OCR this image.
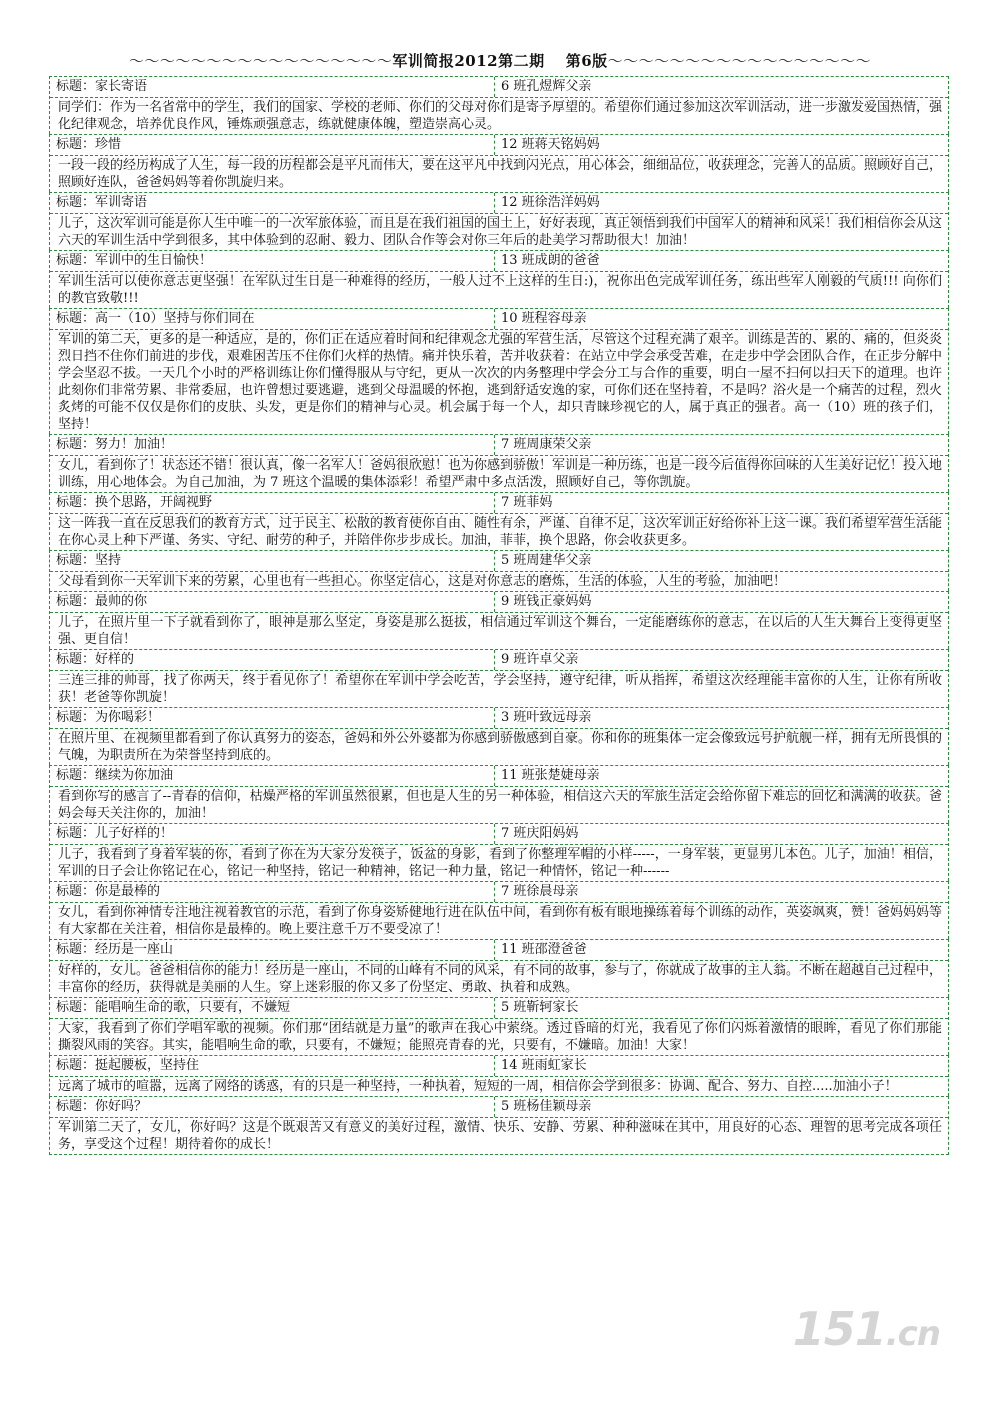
～～～～～～～～～～～～～～～～～军训简报2012第二期 第6版～～～～～～～～～～～～～～～～～
标题：家长寄语	6 班孔煜辉父亲
同学们：作为一名省常中的学生，我们的国家、学校的老师、你们的父母对你们是寄予厚望的。希望你们通过参加这次军训活动，进一步激发爱国热情，强化纪律观念，培养优良作风，锤炼顽强意志，练就健康体魄，塑造崇高心灵。
标题：珍惜	12 班蒋天铭妈妈
一段一段的经历构成了人生，每一段的历程都会是平凡而伟大，要在这平凡中找到闪光点，用心体会，细细品位，收获理念，完善人的品质。照顾好自己，照顾好连队，爸爸妈妈等着你凯旋归来。
标题：军训寄语	12 班徐浩洋妈妈
儿子，这次军训可能是你人生中唯一的一次军旅体验，而且是在我们祖国的国土上，好好表现，真正领悟到我们中国军人的精神和风采！我们相信你会从这六天的军训生活中学到很多，其中体验到的忍耐、毅力、团队合作等会对你三年后的赴美学习帮助很大！加油！
标题：军训中的生日愉快！	13 班成朗的爸爸
军训生活可以使你意志更坚强！在军队过生日是一种难得的经历，一般人过不上这样的生日:)，祝你出色完成军训任务，练出些军人刚毅的气质!!! 向你们的教官致敬!!!
标题：高一（10）坚持与你们同在	10 班程容母亲
军训的第二天，更多的是一种适应，是的，你们正在适应着时间和纪律观念尤强的军营生活，尽管这个过程充满了艰辛。训练是苦的、累的、痛的，但炎炎烈日挡不住你们前进的步伐，艰难困苦压不住你们火样的热情。痛并快乐着，苦并收获着：在站立中学会承受苦难，在走步中学会团队合作，在正步分解中学会坚忍不拔。一天几个小时的严格训练让你们懂得服从与守纪，更从一次次的内务整理中学会分工与合作的重要，明白一屋不扫何以扫天下的道理。也许此刻你们非常劳累、非常委屈，也许曾想过要逃避，逃到父母温暖的怀抱，逃到舒适安逸的家，可你们还在坚持着，不是吗？浴火是一个痛苦的过程，烈火炙烤的可能不仅仅是你们的皮肤、头发，更是你们的精神与心灵。机会属于每一个人，却只青睐珍视它的人，属于真正的强者。高一（10）班的孩子们，坚持！
标题：努力！加油！	7 班周康荣父亲
女儿，看到你了！状态还不错！很认真，像一名军人！爸妈很欣慰！也为你感到骄傲！军训是一种历练，也是一段今后值得你回味的人生美好记忆！投入地训练，用心地体会。为自己加油，为 7 班这个温暖的集体添彩！希望严肃中多点活泼，照顾好自己，等你凯旋。
标题：换个思路，开阔视野	7 班菲妈
这一阵我一直在反思我们的教育方式，过于民主、松散的教育使你自由、随性有余，严谨、自律不足，这次军训正好给你补上这一课。我们希望军营生活能在你心灵上种下严谨、务实、守纪、耐劳的种子，并陪伴你步步成长。加油，菲菲，换个思路，你会收获更多。
标题：坚持	5 班周建华父亲
父母看到你一天军训下来的劳累，心里也有一些担心。你坚定信心，这是对你意志的磨炼，生活的体验，人生的考验，加油吧！
标题：最帅的你	9 班钱正豪妈妈
儿子，在照片里一下子就看到你了，眼神是那么坚定，身姿是那么挺拔，相信通过军训这个舞台，一定能磨练你的意志，在以后的人生大舞台上变得更坚强、更自信！
标题：好样的	9 班许卓父亲
三连三排的帅哥，找了你两天，终于看见你了！希望你在军训中学会吃苦，学会坚持，遵守纪律，听从指挥，希望这次经理能丰富你的人生，让你有所收获！老爸等你凯旋！
标题：为你喝彩！	3 班叶致远母亲
在照片里、在视频里都看到了你认真努力的姿态，爸妈和外公外婆都为你感到骄傲感到自豪。你和你的班集体一定会像致远号护航舰一样，拥有无所畏惧的气魄，为职责所在为荣誉坚持到底的。
标题：继续为你加油	11 班张楚婕母亲
看到你写的感言了--青春的信仰，枯燥严格的军训虽然很累，但也是人生的另一种体验，相信这六天的军旅生活定会给你留下难忘的回忆和满满的收获。爸妈会每天关注你的，加油！
标题：儿子好样的！	7 班庆阳妈妈
儿子，我看到了身着军装的你，看到了你在为大家分发筷子，饭盆的身影，看到了你整理军帽的小样-----，一身军装，更显男儿本色。儿子，加油！相信，军训的日子会让你铭记在心，铭记一种坚持，铭记一种精神，铭记一种力量，铭记一种情怀，铭记一种------
标题：你是最棒的	7 班徐晨母亲
女儿，看到你神情专注地注视着教官的示范，看到了你身姿矫健地行进在队伍中间，看到你有板有眼地操练着每个训练的动作，英姿飒爽，赞！爸妈妈妈等有大家都在关注着，相信你是最棒的。晚上要注意千万不要受凉了！
标题：经历是一座山	11 班邵澄爸爸
好样的，女儿。爸爸相信你的能力！经历是一座山，不同的山峰有不同的风采，有不同的故事，参与了，你就成了故事的主人翁。不断在超越自己过程中，丰富你的经历，获得就是美丽的人生。穿上迷彩服的你又多了份坚定、勇敢、执着和成熟。
标题：能唱响生命的歌，只要有，不嫌短	5 班靳轲家长
大家，我看到了你们学唱军歌的视频。你们那“团结就是力量”的歌声在我心中萦绕。透过昏暗的灯光，我看见了你们闪烁着激情的眼眸，看见了你们那能撕裂风雨的笑容。其实，能唱响生命的歌，只要有，不嫌短；能照亮青春的光，只要有，不嫌暗。加油！大家！
标题：挺起腰板，坚持住	14 班雨虹家长
远离了城市的喧嚣，远离了网络的诱惑，有的只是一种坚持，一种执着，短短的一周，相信你会学到很多：协调、配合、努力、自控.....加油小子！
标题：你好吗？	5 班杨佳颖母亲
军训第二天了，女儿，你好吗？这是个既艰苦又有意义的美好过程，激情、快乐、安静、劳累、种种滋味在其中，用良好的心态、理智的思考完成各项任务，享受这个过程！期待着你的成长！
151.cn
